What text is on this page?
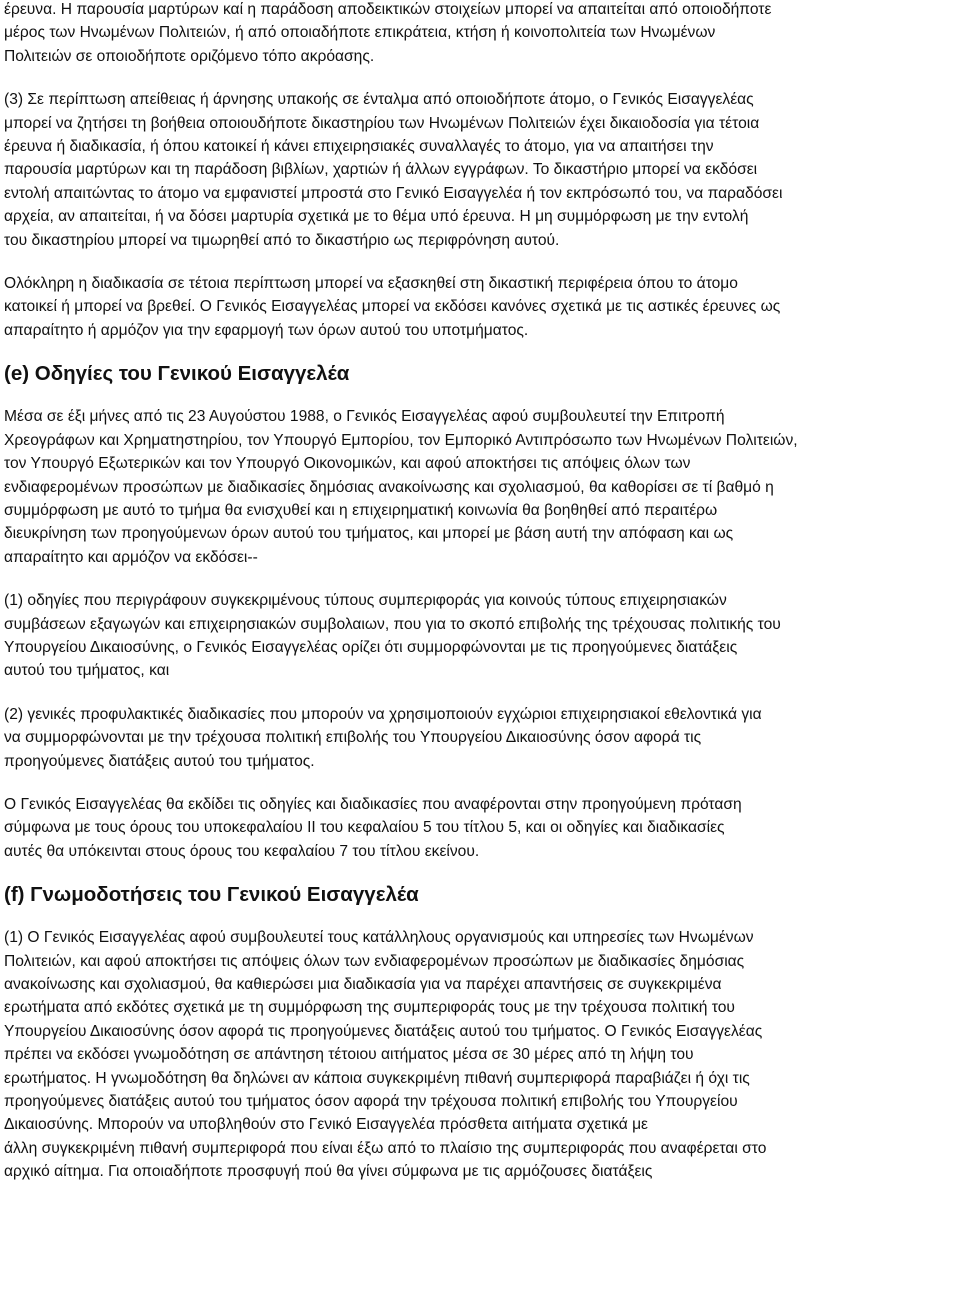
έρευνα. Η παρουσία μαρτύρων καί η παράδοση αποδεικτικών στοιχείων μπορεί να απαιτείται από οποιοδήποτε
μέρος των Ηνωμένων Πολιτειών, ή από οποιαδήποτε επικράτεια, κτήση ή κοινοπολιτεία των Ηνωμένων
Πολιτειών σε οποιοδήποτε οριζόμενο τόπο ακρόασης.

(3) Σε περίπτωση απείθειας ή άρνησης υπακοής σε ένταλμα από οποιοδήποτε άτομο, ο Γενικός Εισαγγελέας
μπορεί να ζητήσει τη βοήθεια οποιουδήποτε δικαστηρίου των Ηνωμένων Πολιτειών έχει δικαιοδοσία για τέτοια
έρευνα ή διαδικασία, ή όπου κατοικεί ή κάνει επιχειρησιακές συναλλαγές το άτομο, για να απαιτήσει την
παρουσία μαρτύρων και τη παράδοση βιβλίων, χαρτιών ή άλλων εγγράφων. Το δικαστήριο μπορεί να εκδόσει
εντολή απαιτώντας το άτομο να εμφανιστεί μπροστά στο Γενικό Εισαγγελέα ή τον εκπρόσωπό του, να παραδόσει
αρχεία, αν απαιτείται, ή να δόσει μαρτυρία σχετικά με το θέμα υπό έρευνα. Η μη συμμόρφωση με την εντολή
του δικαστηρίου μπορεί να τιμωρηθεί από το δικαστήριο ως περιφρόνηση αυτού.

Ολόκληρη η διαδικασία σε τέτοια περίπτωση μπορεί να εξασκηθεί στη δικαστική περιφέρεια όπου το άτομο
κατοικεί ή μπορεί να βρεθεί. Ο Γενικός Εισαγγελέας μπορεί να εκδόσει κανόνες σχετικά με τις αστικές έρευνες ως
απαραίτητο ή αρμόζον για την εφαρμογή των όρων αυτού του υποτμήματος.

(e) Οδηγίες του Γενικού Εισαγγελέα

Μέσα σε έξι μήνες από τις 23 Αυγούστου 1988, ο Γενικός Εισαγγελέας αφού συμβουλευτεί την Επιτροπή
Χρεογράφων και Χρηματηστηρίου, τον Υπουργό Εμπορίου, τον Εμπορικό Αντιπρόσωπο των Ηνωμένων Πολιτειών,
τον Υπουργό Εξωτερικών και τον Υπουργό Οικονομικών, και αφού αποκτήσει τις απόψεις όλων των
ενδιαφερομένων προσώπων με διαδικασίες δημόσιας ανακοίνωσης και σχολιασμού, θα καθορίσει σε τί βαθμό η
συμμόρφωση με αυτό το τμήμα θα ενισχυθεί και η επιχειρηματική κοινωνία θα βοηθηθεί από περαιτέρω
διευκρίνηση των προηγούμενων όρων αυτού του τμήματος, και μπορεί με βάση αυτή την απόφαση και ως
απαραίτητο και αρμόζον να εκδόσει--

(1) οδηγίες που περιγράφουν συγκεκριμένους τύπους συμπεριφοράς για κοινούς τύπους επιχειρησιακών
συμβάσεων εξαγωγών και επιχειρησιακών συμβολαιων, που για το σκοπό επιβολής της τρέχουσας πολιτικής του
Υπουργείου Δικαιοσύνης, ο Γενικός Εισαγγελέας ορίζει ότι συμμορφώνονται με τις προηγούμενες διατάξεις
αυτού του τμήματος, και

(2) γενικές προφυλακτικές διαδικασίες που μπορούν να χρησιμοποιούν εγχώριοι επιχειρησιακοί εθελοντικά για
να συμμορφώνονται με την τρέχουσα πολιτική επιβολής του Υπουργείου Δικαιοσύνης όσον αφορά τις
προηγούμενες διατάξεις αυτού του τμήματος.

Ο Γενικός Εισαγγελέας θα εκδίδει τις οδηγίες και διαδικασίες που αναφέρονται στην προηγούμενη πρόταση
σύμφωνα με τους όρους του υποκεφαλαίου II του κεφαλαίου 5 του τίτλου 5, και οι οδηγίες και διαδικασίες
αυτές θα υπόκεινται στους όρους του κεφαλαίου 7 του τίτλου εκείνου.

(f) Γνωμοδοτήσεις του Γενικού Εισαγγελέα

(1) Ο Γενικός Εισαγγελέας αφού συμβουλευτεί τους κατάλληλους οργανισμούς και υπηρεσίες των Ηνωμένων
Πολιτειών, και αφού αποκτήσει τις απόψεις όλων των ενδιαφερομένων προσώπων με διαδικασίες δημόσιας
ανακοίνωσης και σχολιασμού, θα καθιερώσει μια διαδικασία για να παρέχει απαντήσεις σε συγκεκριμένα
ερωτήματα από εκδότες σχετικά με τη συμμόρφωση της συμπεριφοράς τους με την τρέχουσα πολιτική του
Υπουργείου Δικαιοσύνης όσον αφορά τις προηγούμενες διατάξεις αυτού του τμήματος. Ο Γενικός Εισαγγελέας
πρέπει να εκδόσει γνωμοδότηση σε απάντηση τέτοιου αιτήματος μέσα σε 30 μέρες από τη λήψη του
ερωτήματος. Η γνωμοδότηση θα δηλώνει αν κάποια συγκεκριμένη πιθανή συμπεριφορά παραβιάζει ή όχι τις
προηγούμενες διατάξεις αυτού του τμήματος όσον αφορά την τρέχουσα πολιτική επιβολής του Υπουργείου
Δικαιοσύνης. Μπορούν να υποβληθούν στο Γενικό Εισαγγελέα πρόσθετα αιτήματα σχετικά με
άλλη συγκεκριμένη πιθανή συμπεριφορά που είναι έξω από το πλαίσιο της συμπεριφοράς που αναφέρεται στο
αρχικό αίτημα. Για οποιαδήποτε προσφυγή πού θα γίνει σύμφωνα με τις αρμόζουσες διατάξεις
